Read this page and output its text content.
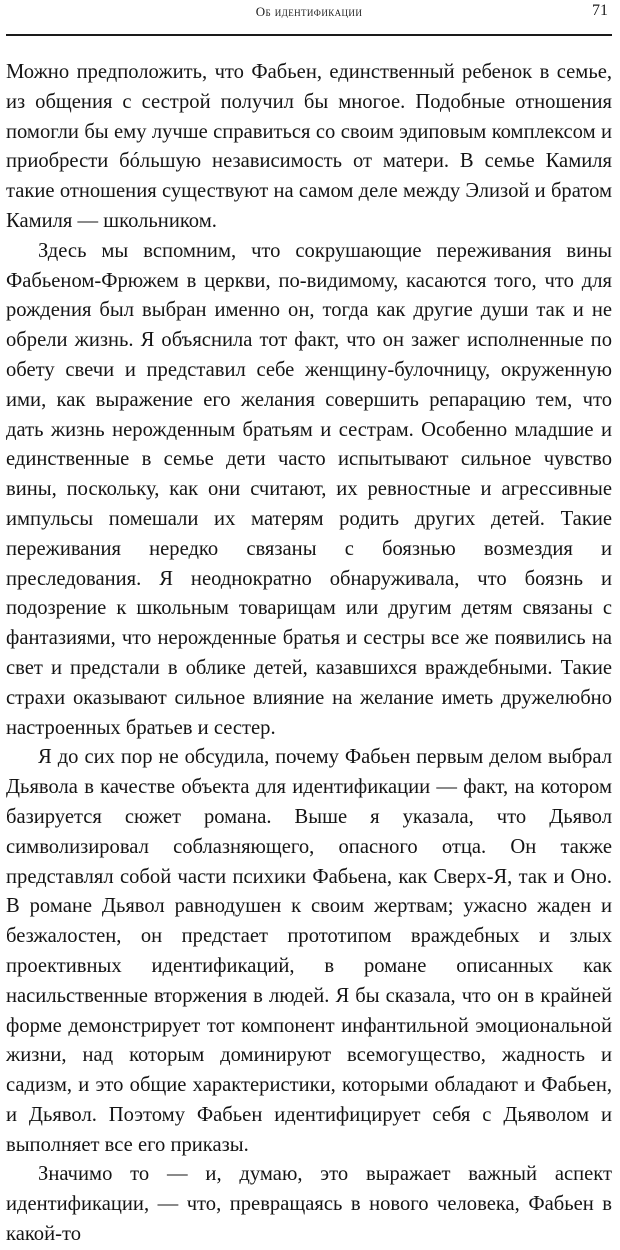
Об идентификации	71

Можно предположить, что Фабьен, единственный ребенок в семье, из общения с сестрой получил бы многое. Подобные отношения помогли бы ему лучше справиться со своим эдиповым комплексом и приобрести бóльшую независимость от матери. В семье Камиля такие отношения существуют на самом деле между Элизой и братом Камиля — школьником.

Здесь мы вспомним, что сокрушающие переживания вины Фабьеном-Фрюжем в церкви, по-видимому, касаются того, что для рождения был выбран именно он, тогда как другие души так и не обрели жизнь. Я объяснила тот факт, что он зажег исполненные по обету свечи и представил себе женщину-булочницу, окруженную ими, как выражение его желания совершить репарацию тем, что дать жизнь нерожденным братьям и сестрам. Особенно младшие и единственные в семье дети часто испытывают сильное чувство вины, поскольку, как они считают, их ревностные и агрессивные импульсы помешали их матерям родить других детей. Такие переживания нередко связаны с боязнью возмездия и преследования. Я неоднократно обнаруживала, что боязнь и подозрение к школьным товарищам или другим детям связаны с фантазиями, что нерожденные братья и сестры все же появились на свет и предстали в облике детей, казавшихся враждебными. Такие страхи оказывают сильное влияние на желание иметь дружелюбно настроенных братьев и сестер.

Я до сих пор не обсудила, почему Фабьен первым делом выбрал Дьявола в качестве объекта для идентификации — факт, на котором базируется сюжет романа. Выше я указала, что Дьявол символизировал соблазняющего, опасного отца. Он также представлял собой части психики Фабьена, как Сверх-Я, так и Оно. В романе Дьявол равнодушен к своим жертвам; ужасно жаден и безжалостен, он предстает прототипом враждебных и злых проективных идентификаций, в романе описанных как насильственные вторжения в людей. Я бы сказала, что он в крайней форме демонстрирует тот компонент инфантильной эмоциональной жизни, над которым доминируют всемогущество, жадность и садизм, и это общие характеристики, которыми обладают и Фабьен, и Дьявол. Поэтому Фабьен идентифицирует себя с Дьяволом и выполняет все его приказы.

Значимо то — и, думаю, это выражает важный аспект идентификации, — что, превращаясь в нового человека, Фабьен в какой-то
